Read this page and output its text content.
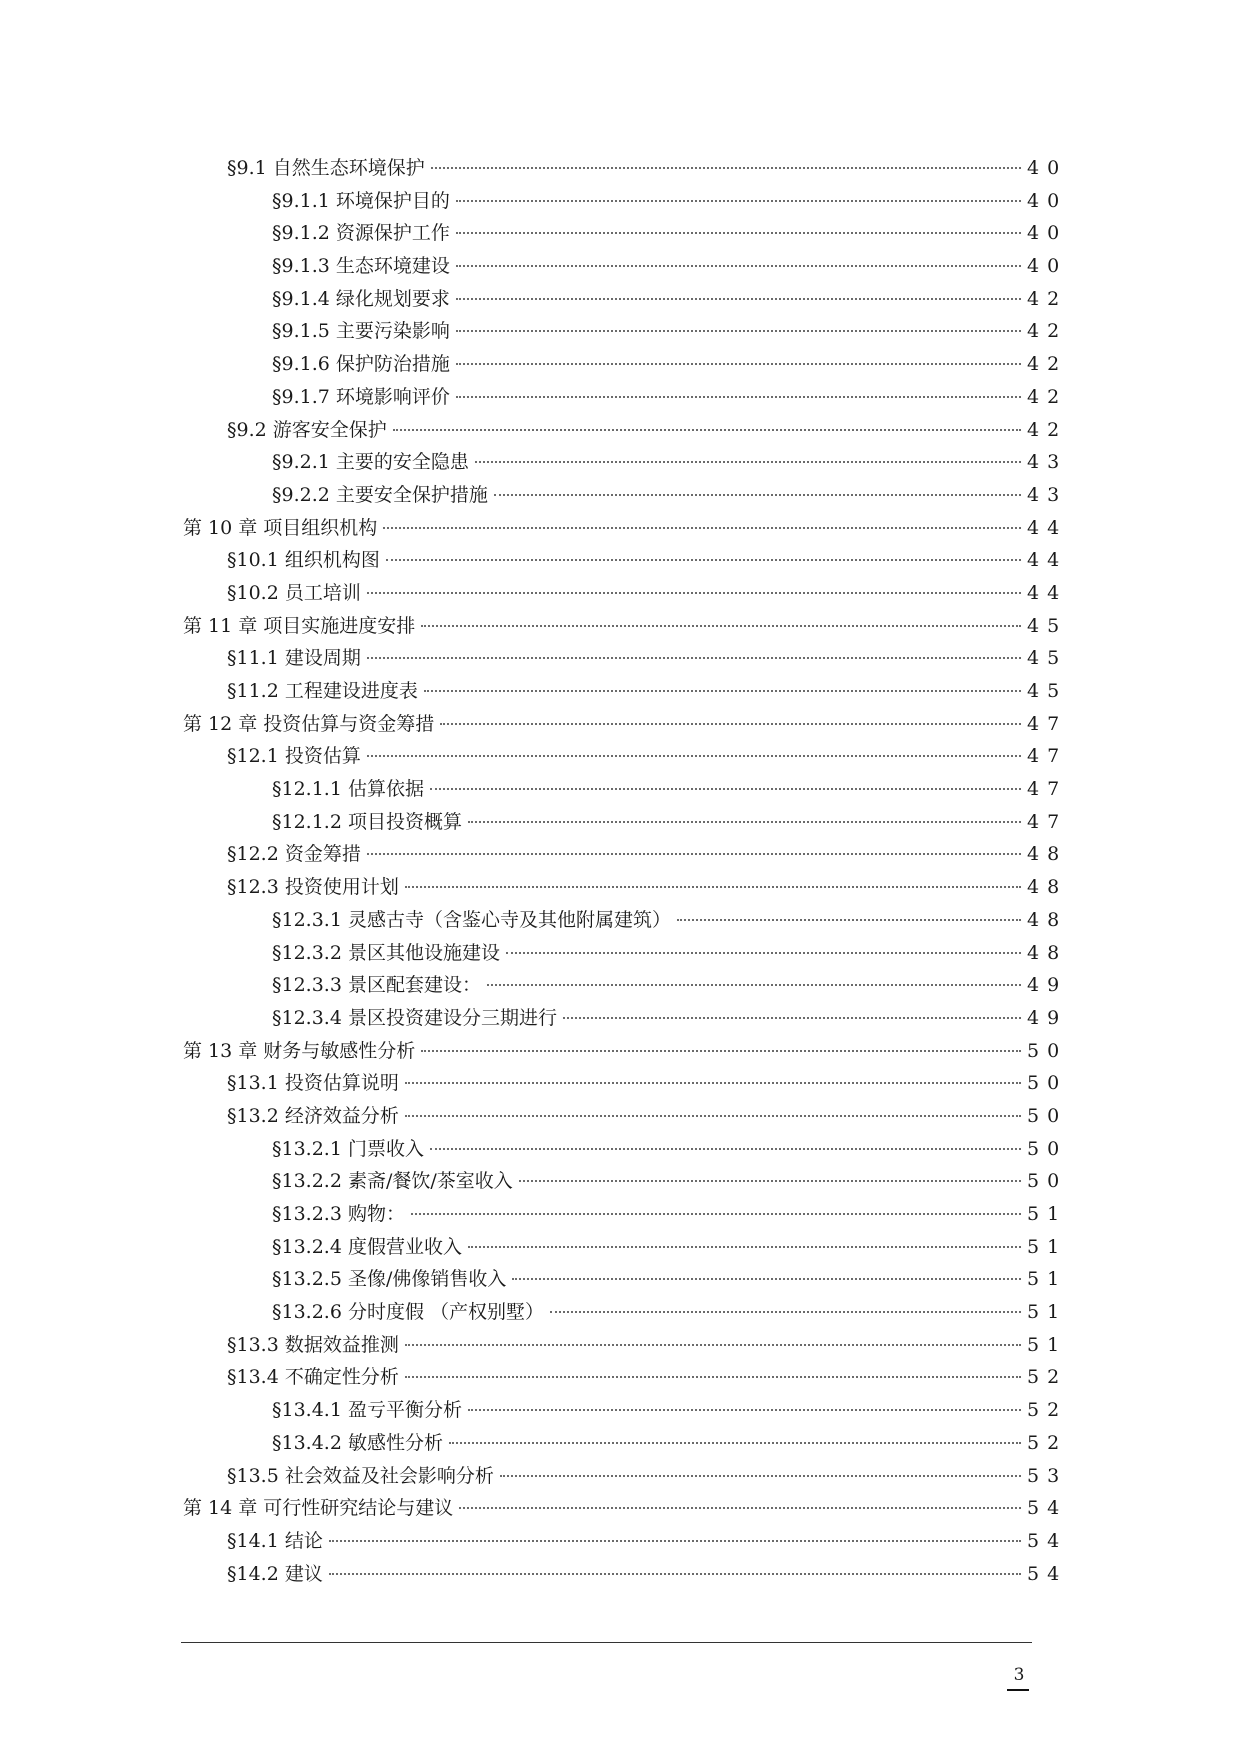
§9.1 自然生态环境保护	40
§9.1.1 环境保护目的	40
§9.1.2 资源保护工作	40
§9.1.3 生态环境建设	40
§9.1.4 绿化规划要求	42
§9.1.5 主要污染影响	42
§9.1.6 保护防治措施	42
§9.1.7 环境影响评价	42
§9.2 游客安全保护	42
§9.2.1 主要的安全隐患	43
§9.2.2 主要安全保护措施	43
第 10 章 项目组织机构	44
§10.1 组织机构图	44
§10.2 员工培训	44
第 11 章 项目实施进度安排	45
§11.1 建设周期	45
§11.2 工程建设进度表	45
第 12 章 投资估算与资金筹措	47
§12.1 投资估算	47
§12.1.1 估算依据	47
§12.1.2 项目投资概算	47
§12.2 资金筹措	48
§12.3 投资使用计划	48
§12.3.1 灵感古寺（含鉴心寺及其他附属建筑）	48
§12.3.2 景区其他设施建设	48
§12.3.3 景区配套建设：	49
§12.3.4 景区投资建设分三期进行	49
第 13 章 财务与敏感性分析	50
§13.1 投资估算说明	50
§13.2 经济效益分析	50
§13.2.1 门票收入	50
§13.2.2 素斋/餐饮/茶室收入	50
§13.2.3 购物：	51
§13.2.4 度假营业收入	51
§13.2.5 圣像/佛像销售收入	51
§13.2.6 分时度假 （产权别墅）	51
§13.3 数据效益推测	51
§13.4 不确定性分析	52
§13.4.1 盈亏平衡分析	52
§13.4.2 敏感性分析	52
§13.5 社会效益及社会影响分析	53
第 14 章 可行性研究结论与建议	54
§14.1 结论	54
§14.2 建议	54
3
